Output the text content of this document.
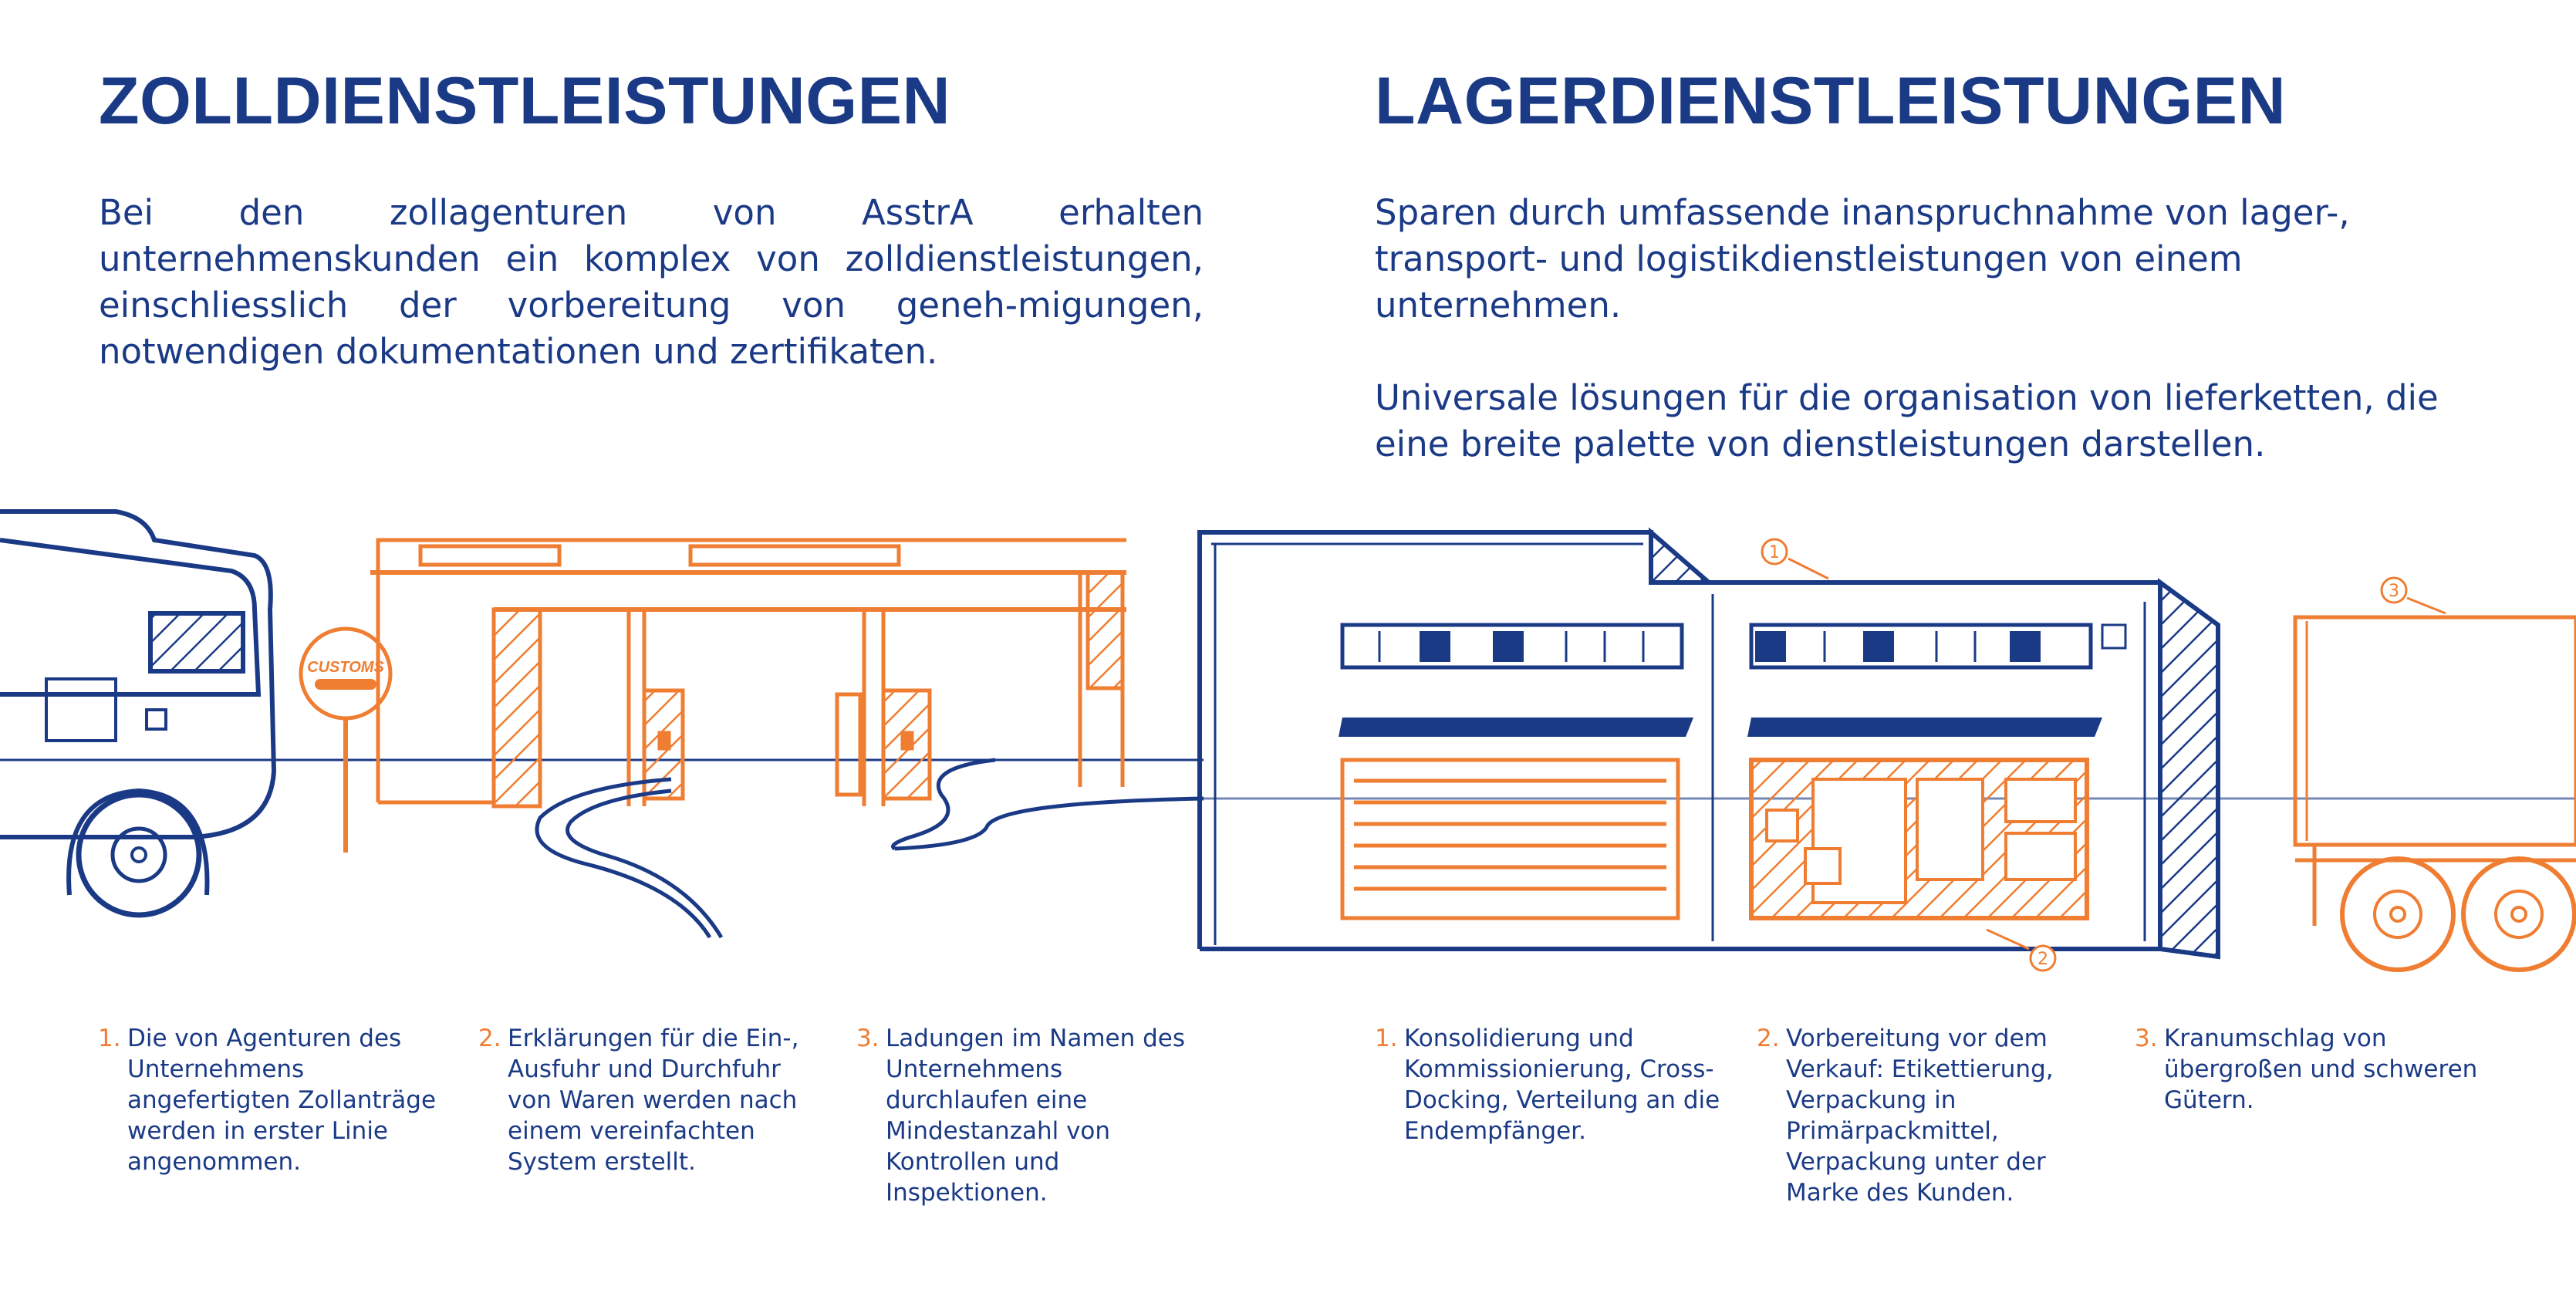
ZOLLDIENSTLEISTUNGEN	LAGERDIENSTLEISTUNGEN

Bei den zollagenturen von AsstrA erhalten unternehmenskunden ein komplex von zolldienstleistungen, einschliesslich der vorbereitung von geneh-migungen, notwendigen dokumentationen und zertifikaten.

Sparen durch umfassende inanspruchnahme von lager-, transport- und logistikdienstleistungen von einem unternehmen.

Universale lösungen für die organisation von lieferketten, die eine breite palette von dienstleistungen darstellen.

CUSTOMS
1
2
3
1. Die von Agenturen des Unternehmens angefertigten Zollanträge werden in erster Linie angenommen.
2. Erklärungen für die Ein-, Ausfuhr und Durchfuhr von Waren werden nach einem vereinfachten System erstellt.
3. Ladungen im Namen des Unternehmens durchlaufen eine Mindestanzahl von Kontrollen und Inspektionen.
1. Konsolidierung und Kommissionierung, Cross-Docking, Verteilung an die Endempfänger.
2. Vorbereitung vor dem Verkauf: Etikettierung, Verpackung in Primärpackmittel, Verpackung unter der Marke des Kunden.
3. Kranumschlag von übergroßen und schweren Gütern.
